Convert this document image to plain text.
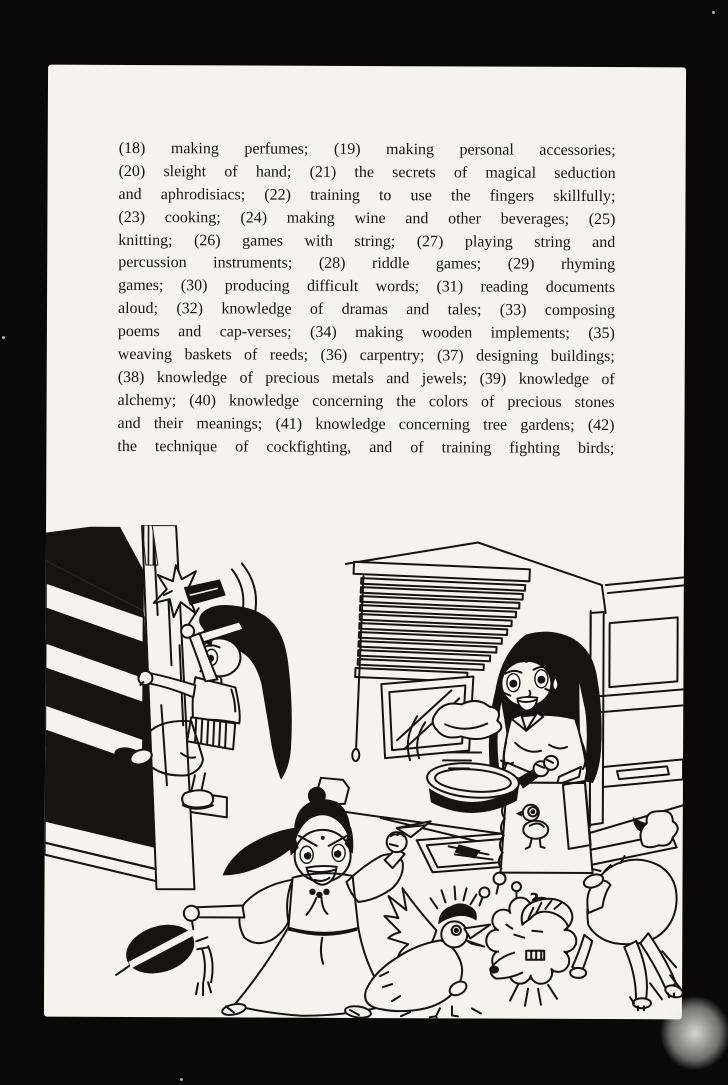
(18) making perfumes; (19) making personal accessories;
(20) sleight of hand; (21) the secrets of magical seduction
and aphrodisiacs; (22) training to use the fingers skillfully;
(23) cooking; (24) making wine and other beverages; (25)
knitting; (26) games with string; (27) playing string and
percussion instruments; (28) riddle games; (29) rhyming
games; (30) producing difficult words; (31) reading documents
aloud; (32) knowledge of dramas and tales; (33) composing
poems and cap-verses; (34) making wooden implements; (35)
weaving baskets of reeds; (36) carpentry; (37) designing buildings;
(38) knowledge of precious metals and jewels; (39) knowledge of
alchemy; (40) knowledge concerning the colors of precious stones
and their meanings; (41) knowledge concerning tree gardens; (42)
the technique of cockfighting, and of training fighting birds;
